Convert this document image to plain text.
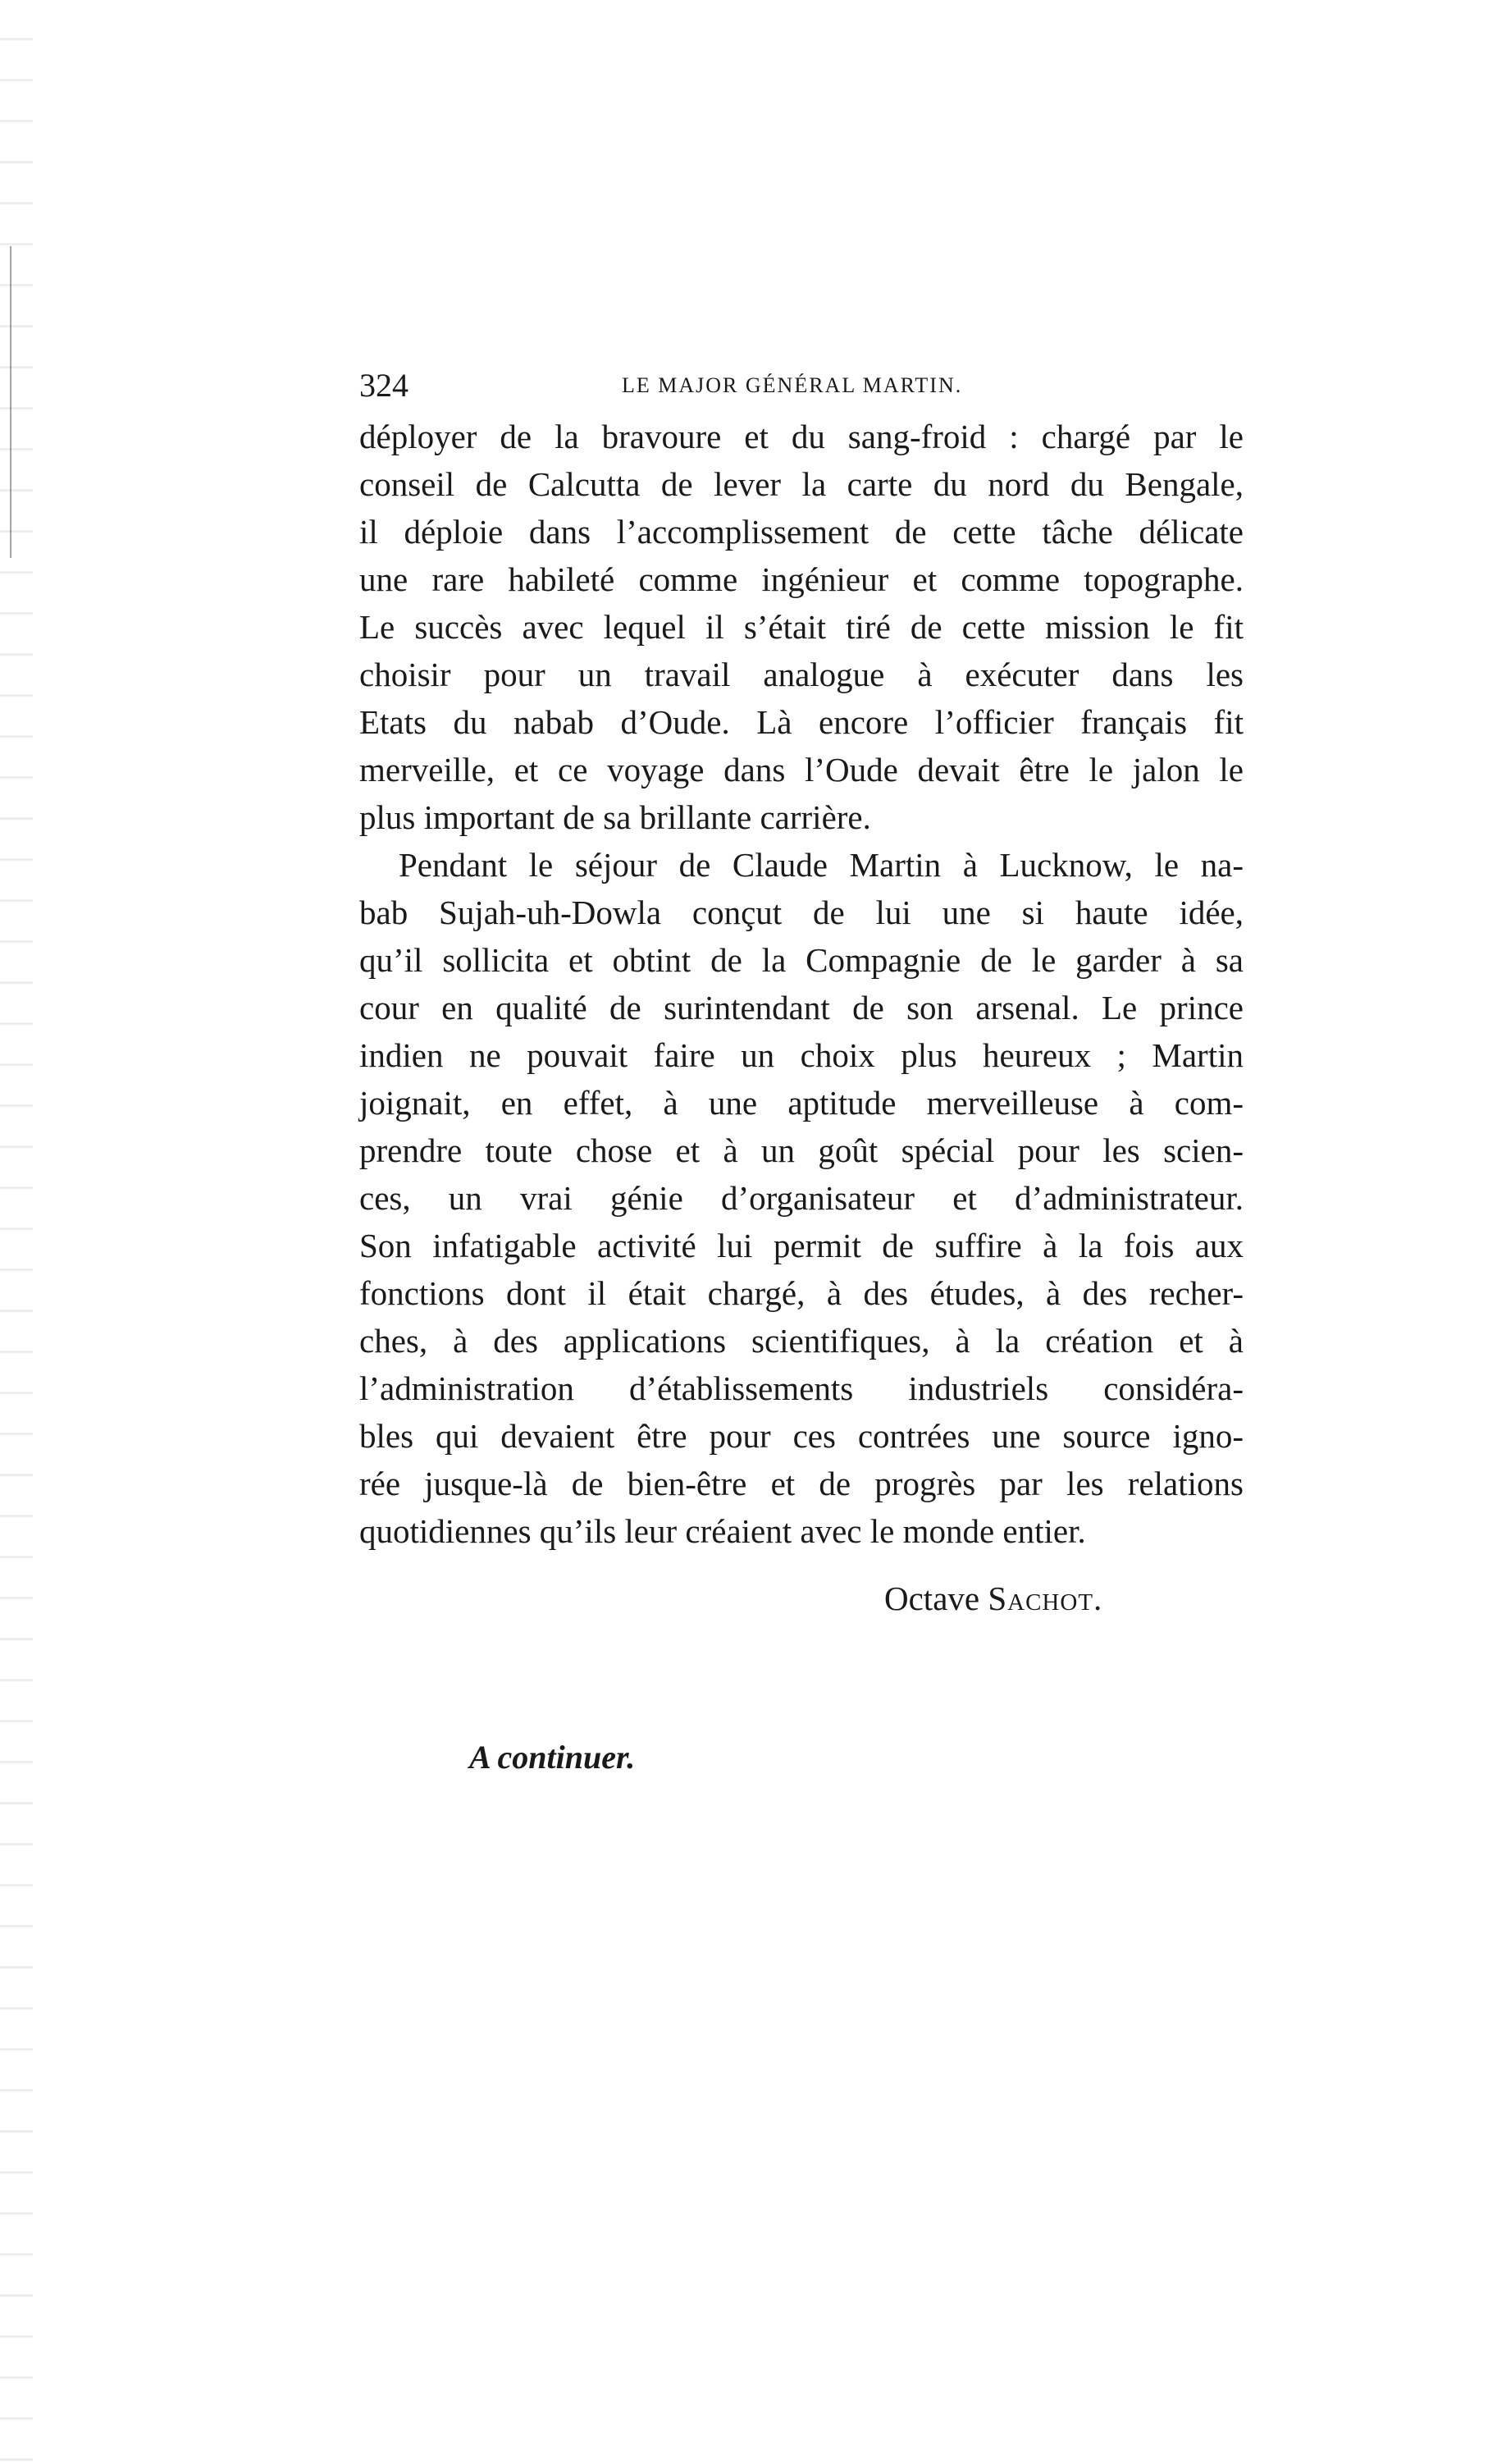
324	LE MAJOR GÉNÉRAL MARTIN.
déployer de la bravoure et du sang-froid : chargé par le
conseil de Calcutta de lever la carte du nord du Bengale,
il déploie dans l’accomplissement de cette tâche délicate
une rare habileté comme ingénieur et comme topographe.
Le succès avec lequel il s’était tiré de cette mission le fit
choisir pour un travail analogue à exécuter dans les
Etats du nabab d’Oude. Là encore l’officier français fit
merveille, et ce voyage dans l’Oude devait être le jalon le
plus important de sa brillante carrière.
Pendant le séjour de Claude Martin à Lucknow, le na-
bab Sujah-uh-Dowla conçut de lui une si haute idée,
qu’il sollicita et obtint de la Compagnie de le garder à sa
cour en qualité de surintendant de son arsenal. Le prince
indien ne pouvait faire un choix plus heureux ; Martin
joignait, en effet, à une aptitude merveilleuse à com-
prendre toute chose et à un goût spécial pour les scien-
ces, un vrai génie d’organisateur et d’administrateur.
Son infatigable activité lui permit de suffire à la fois aux
fonctions dont il était chargé, à des études, à des recher-
ches, à des applications scientifiques, à la création et à
l’administration d’établissements industriels considéra-
bles qui devaient être pour ces contrées une source igno-
rée jusque-là de bien-être et de progrès par les relations
quotidiennes qu’ils leur créaient avec le monde entier.
Octave Sachot.
A continuer.
